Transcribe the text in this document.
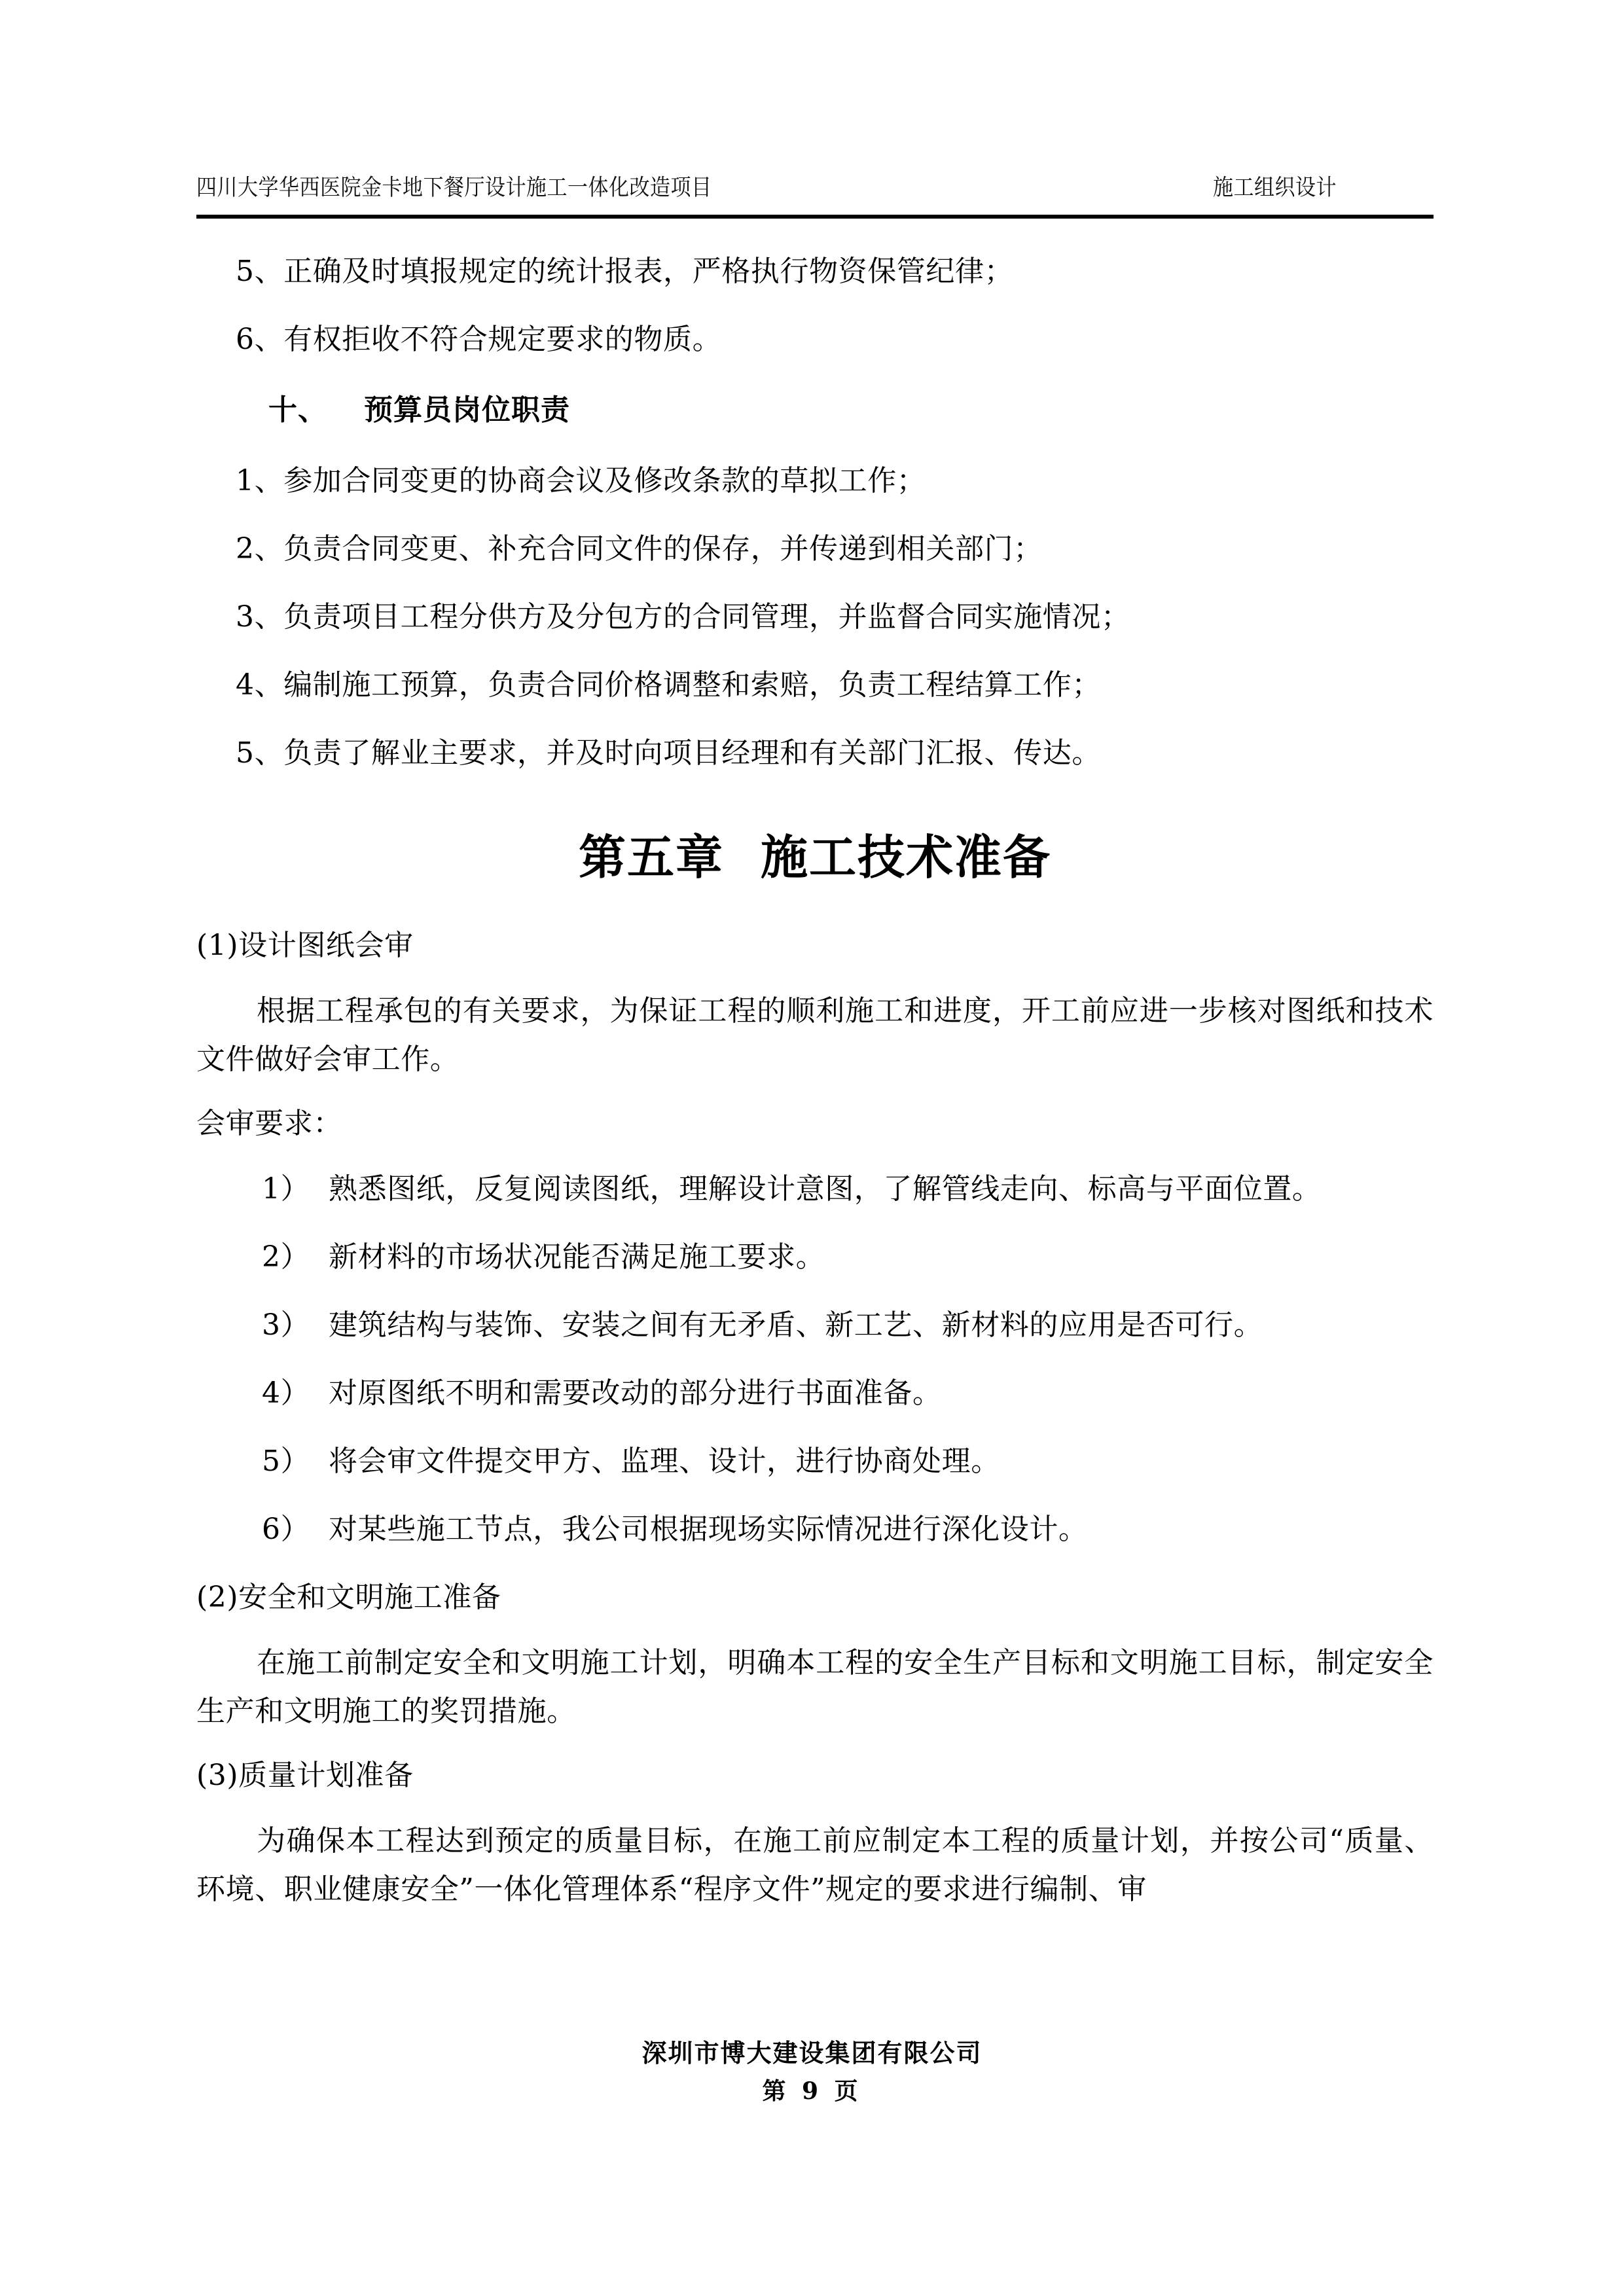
四川大学华西医院金卡地下餐厅设计施工一体化改造项目	施工组织设计

5、正确及时填报规定的统计报表，严格执行物资保管纪律；

6、有权拒收不符合规定要求的物质。

十、 预算员岗位职责

1、参加合同变更的协商会议及修改条款的草拟工作；

2、负责合同变更、补充合同文件的保存，并传递到相关部门；

3、负责项目工程分供方及分包方的合同管理，并监督合同实施情况；

4、编制施工预算，负责合同价格调整和索赔，负责工程结算工作；

5、负责了解业主要求，并及时向项目经理和有关部门汇报、传达。

第五章 施工技术准备

(1)设计图纸会审

根据工程承包的有关要求，为保证工程的顺利施工和进度，开工前应进一步核对图纸和技术文件做好会审工作。

会审要求：

1） 熟悉图纸，反复阅读图纸，理解设计意图，了解管线走向、标高与平面位置。
2） 新材料的市场状况能否满足施工要求。
3） 建筑结构与装饰、安装之间有无矛盾、新工艺、新材料的应用是否可行。
4） 对原图纸不明和需要改动的部分进行书面准备。
5） 将会审文件提交甲方、监理、设计，进行协商处理。
6） 对某些施工节点，我公司根据现场实际情况进行深化设计。

(2)安全和文明施工准备

在施工前制定安全和文明施工计划，明确本工程的安全生产目标和文明施工目标，制定安全生产和文明施工的奖罚措施。

(3)质量计划准备

为确保本工程达到预定的质量目标，在施工前应制定本工程的质量计划，并按公司“质量、环境、职业健康安全”一体化管理体系“程序文件”规定的要求进行编制、审

深圳市博大建设集团有限公司
第 9 页
